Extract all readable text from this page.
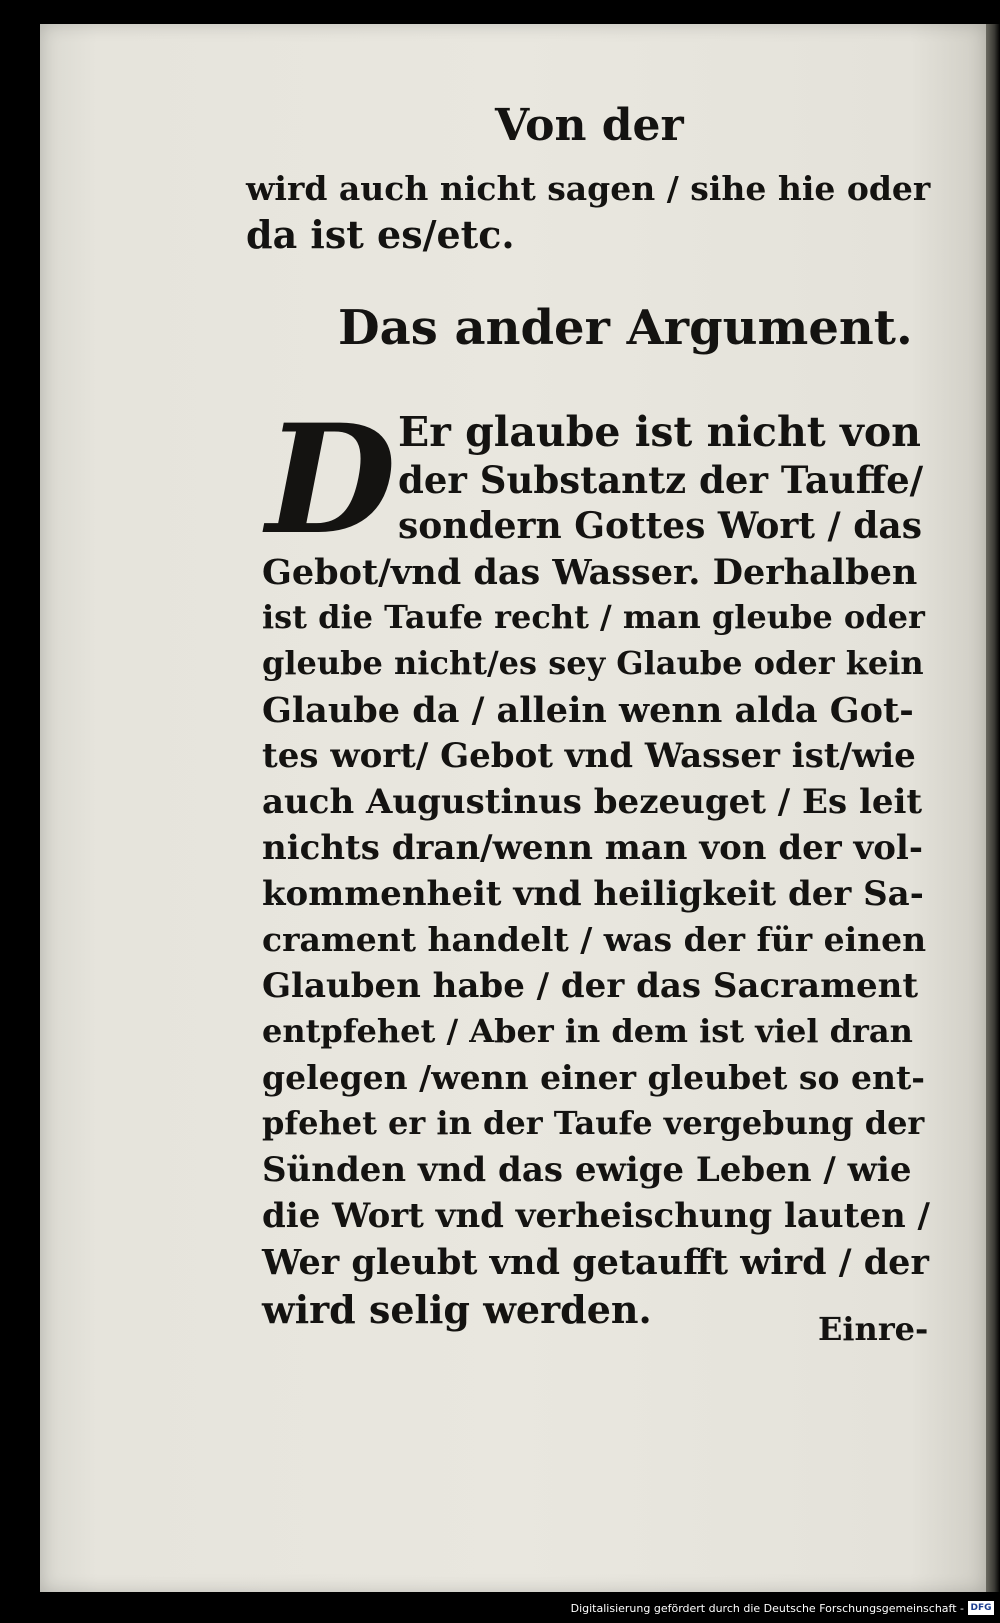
Von der
wird auch nicht sagen / sihe hie oder
da ist es/etc.
Das ander Argument.
D Er glaube ist nicht von
der Substantz der Tauffe/
sondern Gottes Wort / das
Gebot/vnd das Wasser. Derhalben
ist die Taufe recht / man gleube oder
gleube nicht/es sey Glaube oder kein
Glaube da / allein wenn alda Got-
tes wort/ Gebot vnd Wasser ist/wie
auch Augustinus bezeuget / Es leit
nichts dran/wenn man von der vol-
kommenheit vnd heiligkeit der Sa-
crament handelt / was der für einen
Glauben habe / der das Sacrament
entpfehet / Aber in dem ist viel dran
gelegen /wenn einer gleubet so ent-
pfehet er in der Taufe vergebung der
Sünden vnd das ewige Leben / wie
die Wort vnd verheischung lauten /
Wer gleubt vnd getaufft wird / der
wird selig werden.	Einre-
Digitalisierung gefördert durch die Deutsche Forschungsgemeinschaft - DFG
